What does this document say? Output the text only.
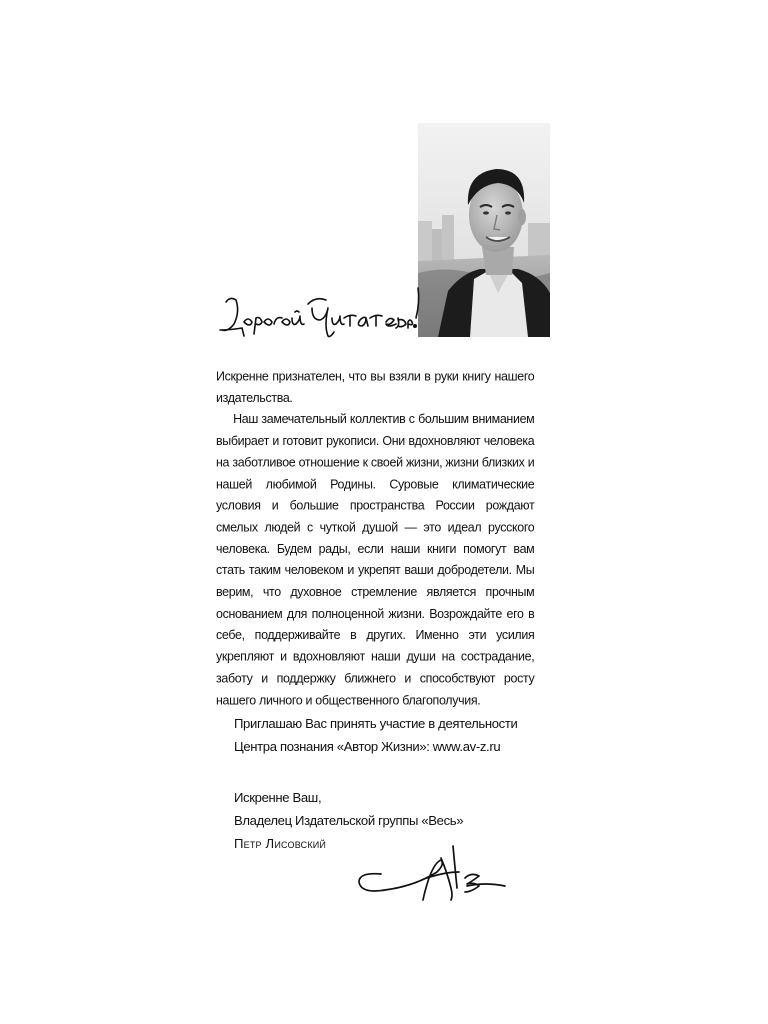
Искренне признателен, что вы взяли в руки книгу нашего издательства.

Наш замечательный коллектив с большим вниманием выбирает и готовит рукописи. Они вдохновляют человека на заботливое отношение к своей жизни, жизни близких и нашей любимой Родины. Суровые климатические условия и большие пространства России рождают смелых людей с чуткой душой — это идеал русского человека. Будем рады, если наши книги помогут вам стать таким человеком и укрепят ваши добродетели. Мы верим, что духовное стремление является прочным основанием для полноценной жизни. Возрождайте его в себе, поддерживайте в других. Именно эти усилия укрепляют и вдохновляют наши души на сострадание, заботу и поддержку ближнего и способствуют росту нашего личного и общественного благополучия.

Приглашаю Вас принять участие в деятельности
Центра познания «Автор Жизни»: www.av-z.ru
Искренне Ваш,
Владелец Издательской группы «Весь»
Петр Лисовский
